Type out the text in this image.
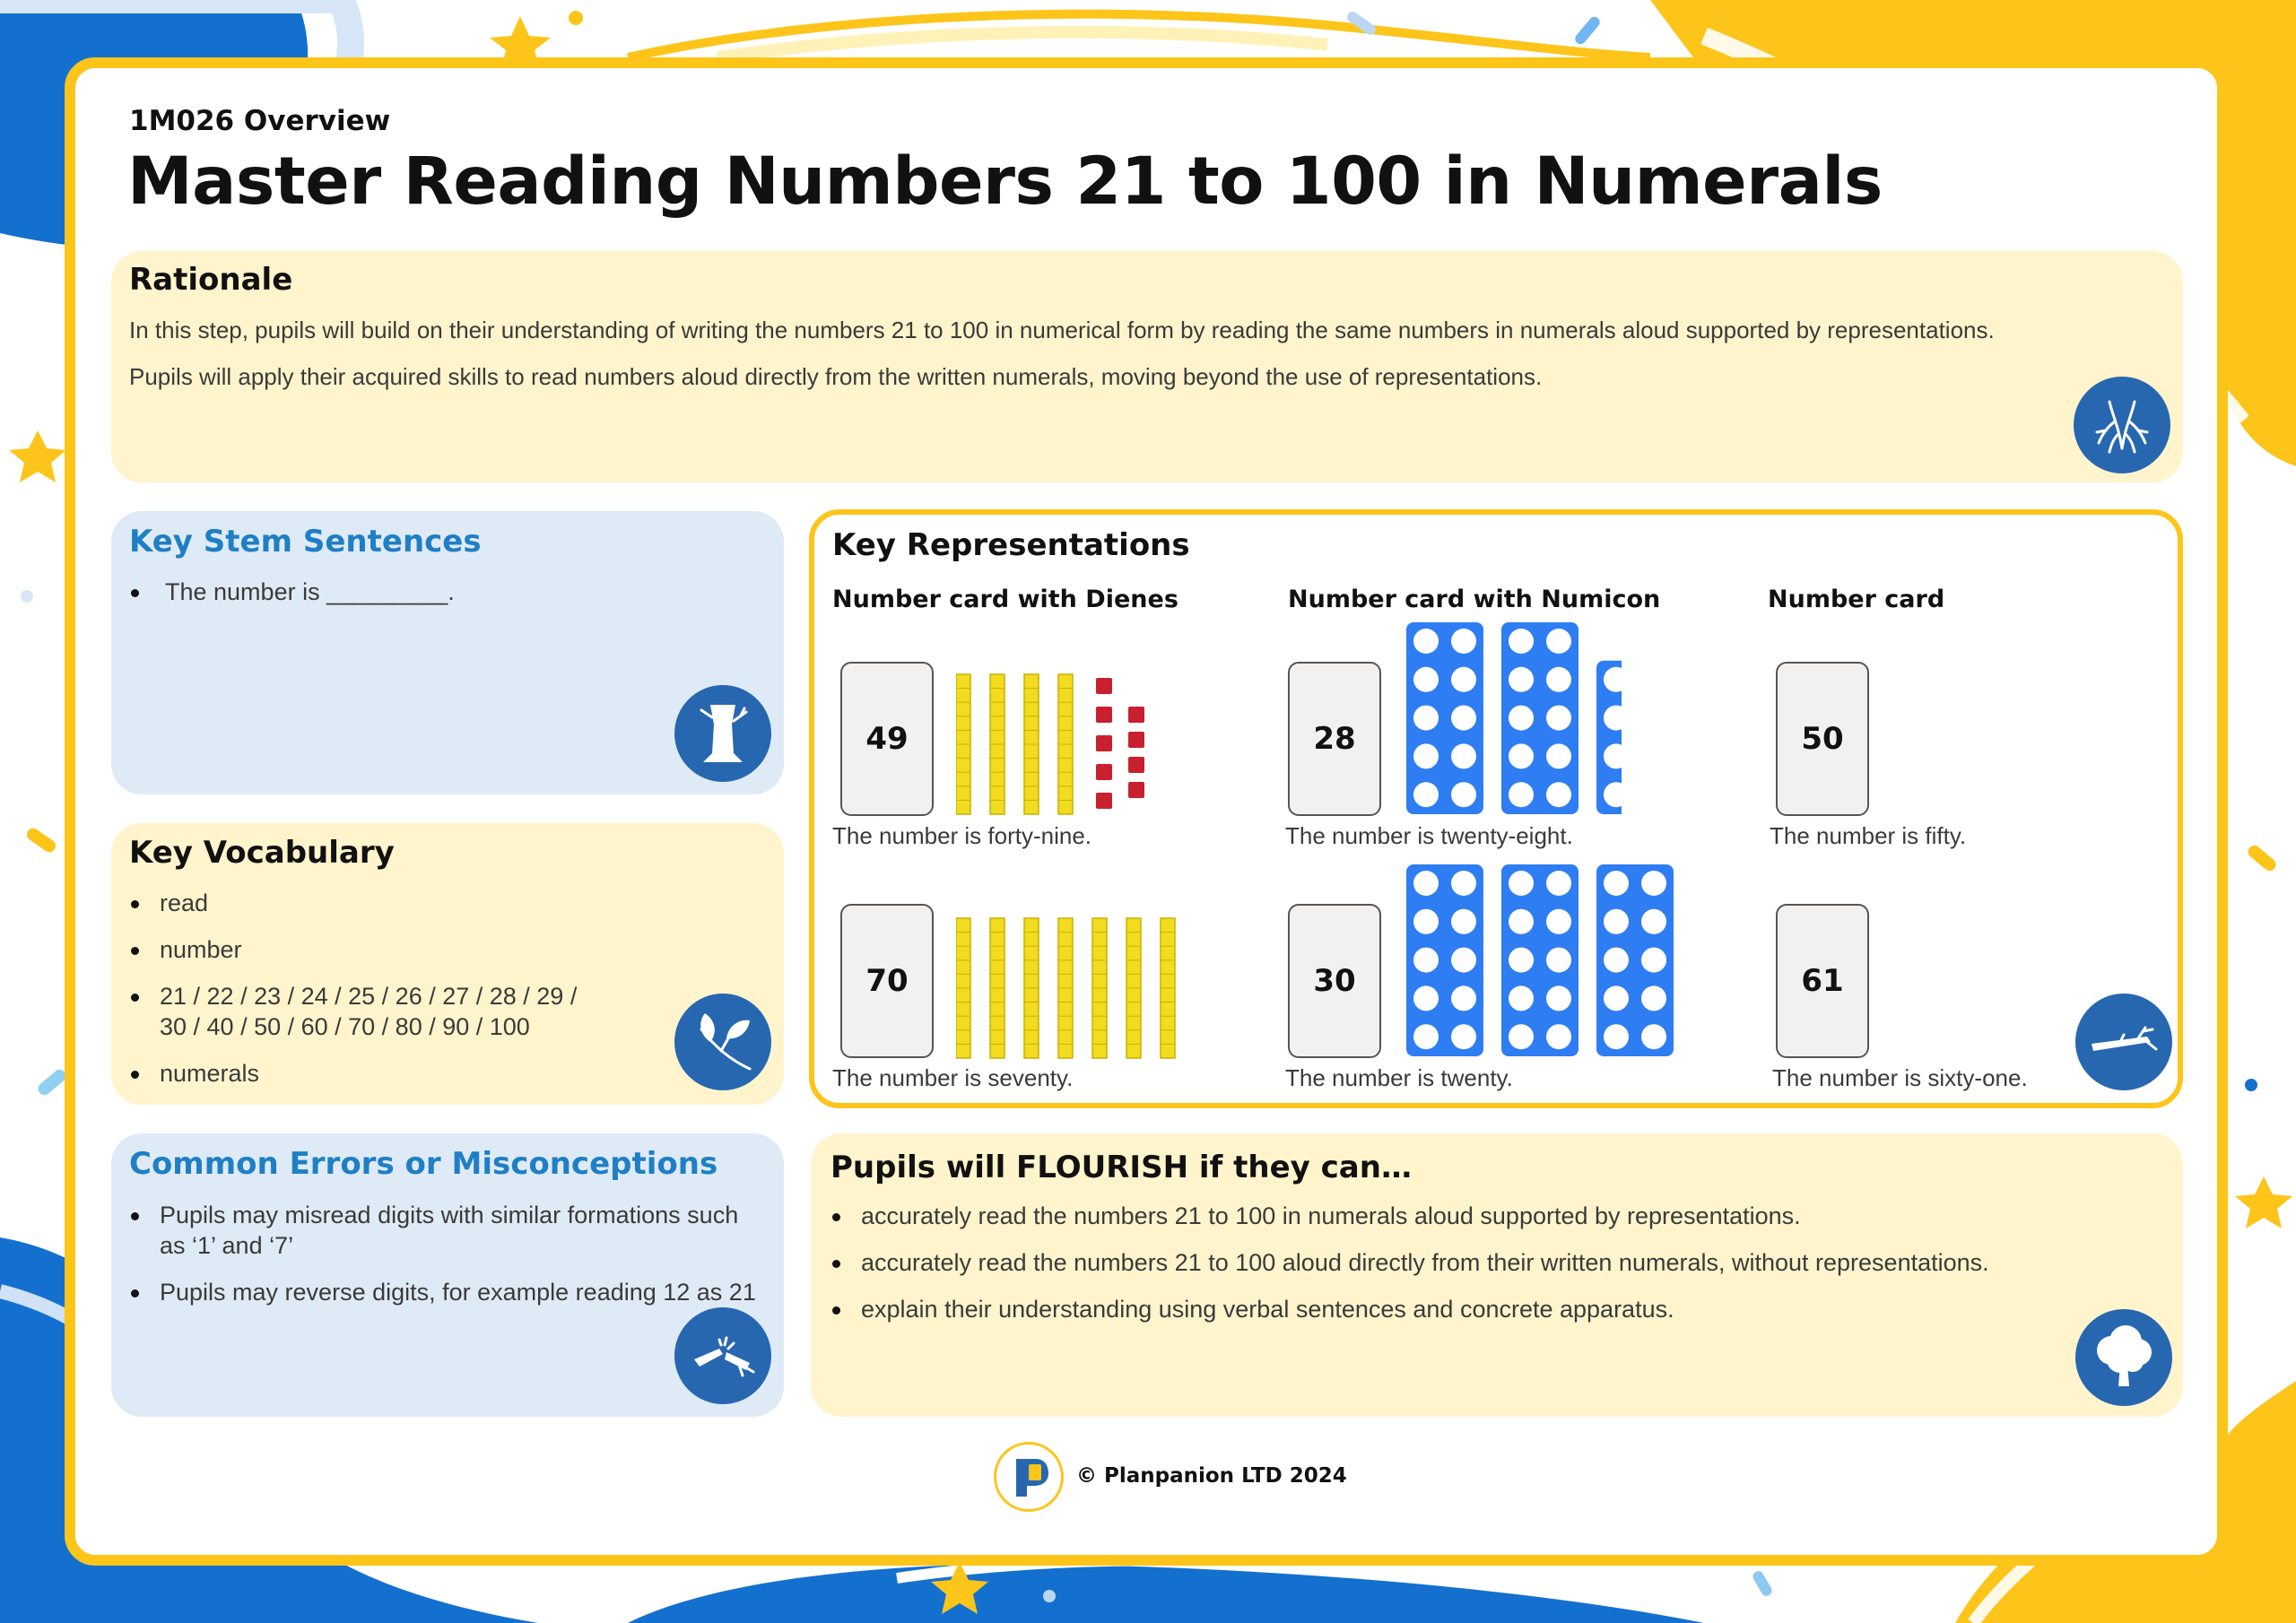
1M026 Overview
Master Reading Numbers 21 to 100 in Numerals
Rationale
In this step, pupils will build on their understanding of writing the numbers 21 to 100 in numerical form by reading the same numbers in numerals aloud supported by representations.
Pupils will apply their acquired skills to read numbers aloud directly from the written numerals, moving beyond the use of representations.
Key Stem Sentences
The number is _________.
Key Vocabulary
read
number
21 / 22 / 23 / 24 / 25 / 26 / 27 / 28 / 29 /
30 / 40 / 50 / 60 / 70 / 80 / 90 / 100
numerals
Common Errors or Misconceptions
Pupils may misread digits with similar formations such
as ‘1’ and ‘7’
Pupils may reverse digits, for example reading 12 as 21
Key Representations
Number card with Dienes	Number card with Numicon	Number card
49
The number is forty-nine.
28
The number is twenty-eight.
50
The number is fifty.
70
The number is seventy.
30
The number is twenty.
61
The number is sixty-one.
Pupils will FLOURISH if they can…
accurately read the numbers 21 to 100 in numerals aloud supported by representations.
accurately read the numbers 21 to 100 aloud directly from their written numerals, without representations.
explain their understanding using verbal sentences and concrete apparatus.
© Planpanion LTD 2024
